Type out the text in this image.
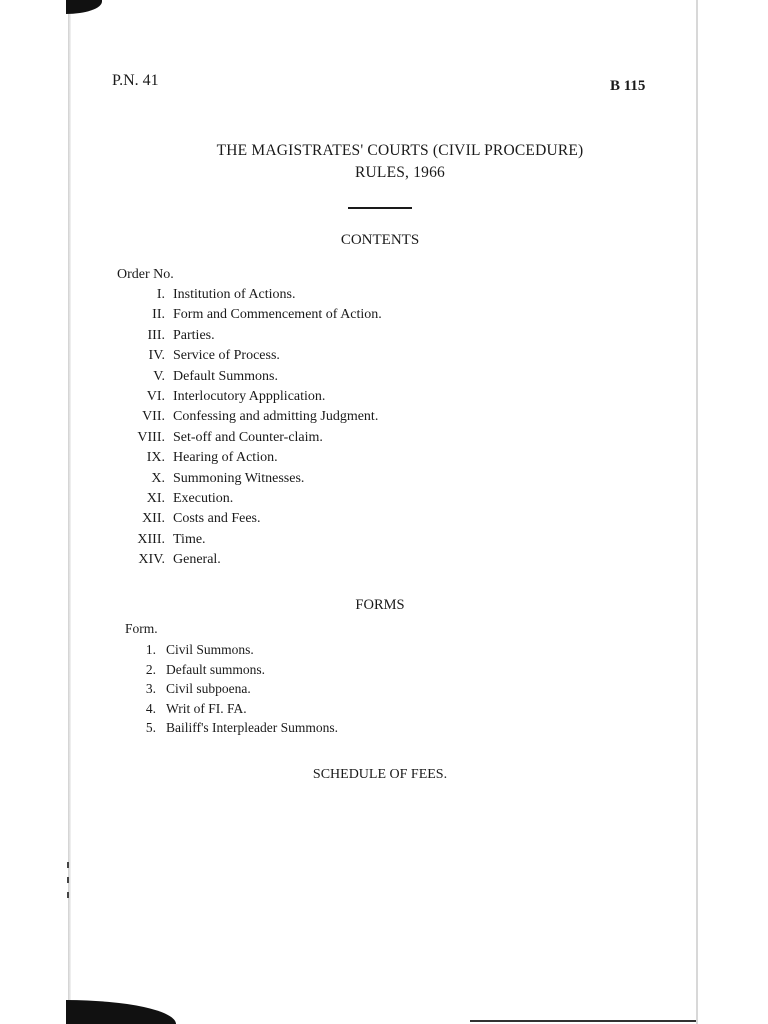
P.N. 41	B 115
THE MAGISTRATES' COURTS (CIVIL PROCEDURE)
RULES, 1966
CONTENTS
Order No.
I. Institution of Actions.
II. Form and Commencement of Action.
III. Parties.
IV. Service of Process.
V. Default Summons.
VI. Interlocutory Appplication.
VII. Confessing and admitting Judgment.
VIII. Set-off and Counter-claim.
IX. Hearing of Action.
X. Summoning Witnesses.
XI. Execution.
XII. Costs and Fees.
XIII. Time.
XIV. General.
FORMS
Form.
1. Civil Summons.
2. Default summons.
3. Civil subpoena.
4. Writ of FI. FA.
5. Bailiff's Interpleader Summons.
SCHEDULE OF FEES.
